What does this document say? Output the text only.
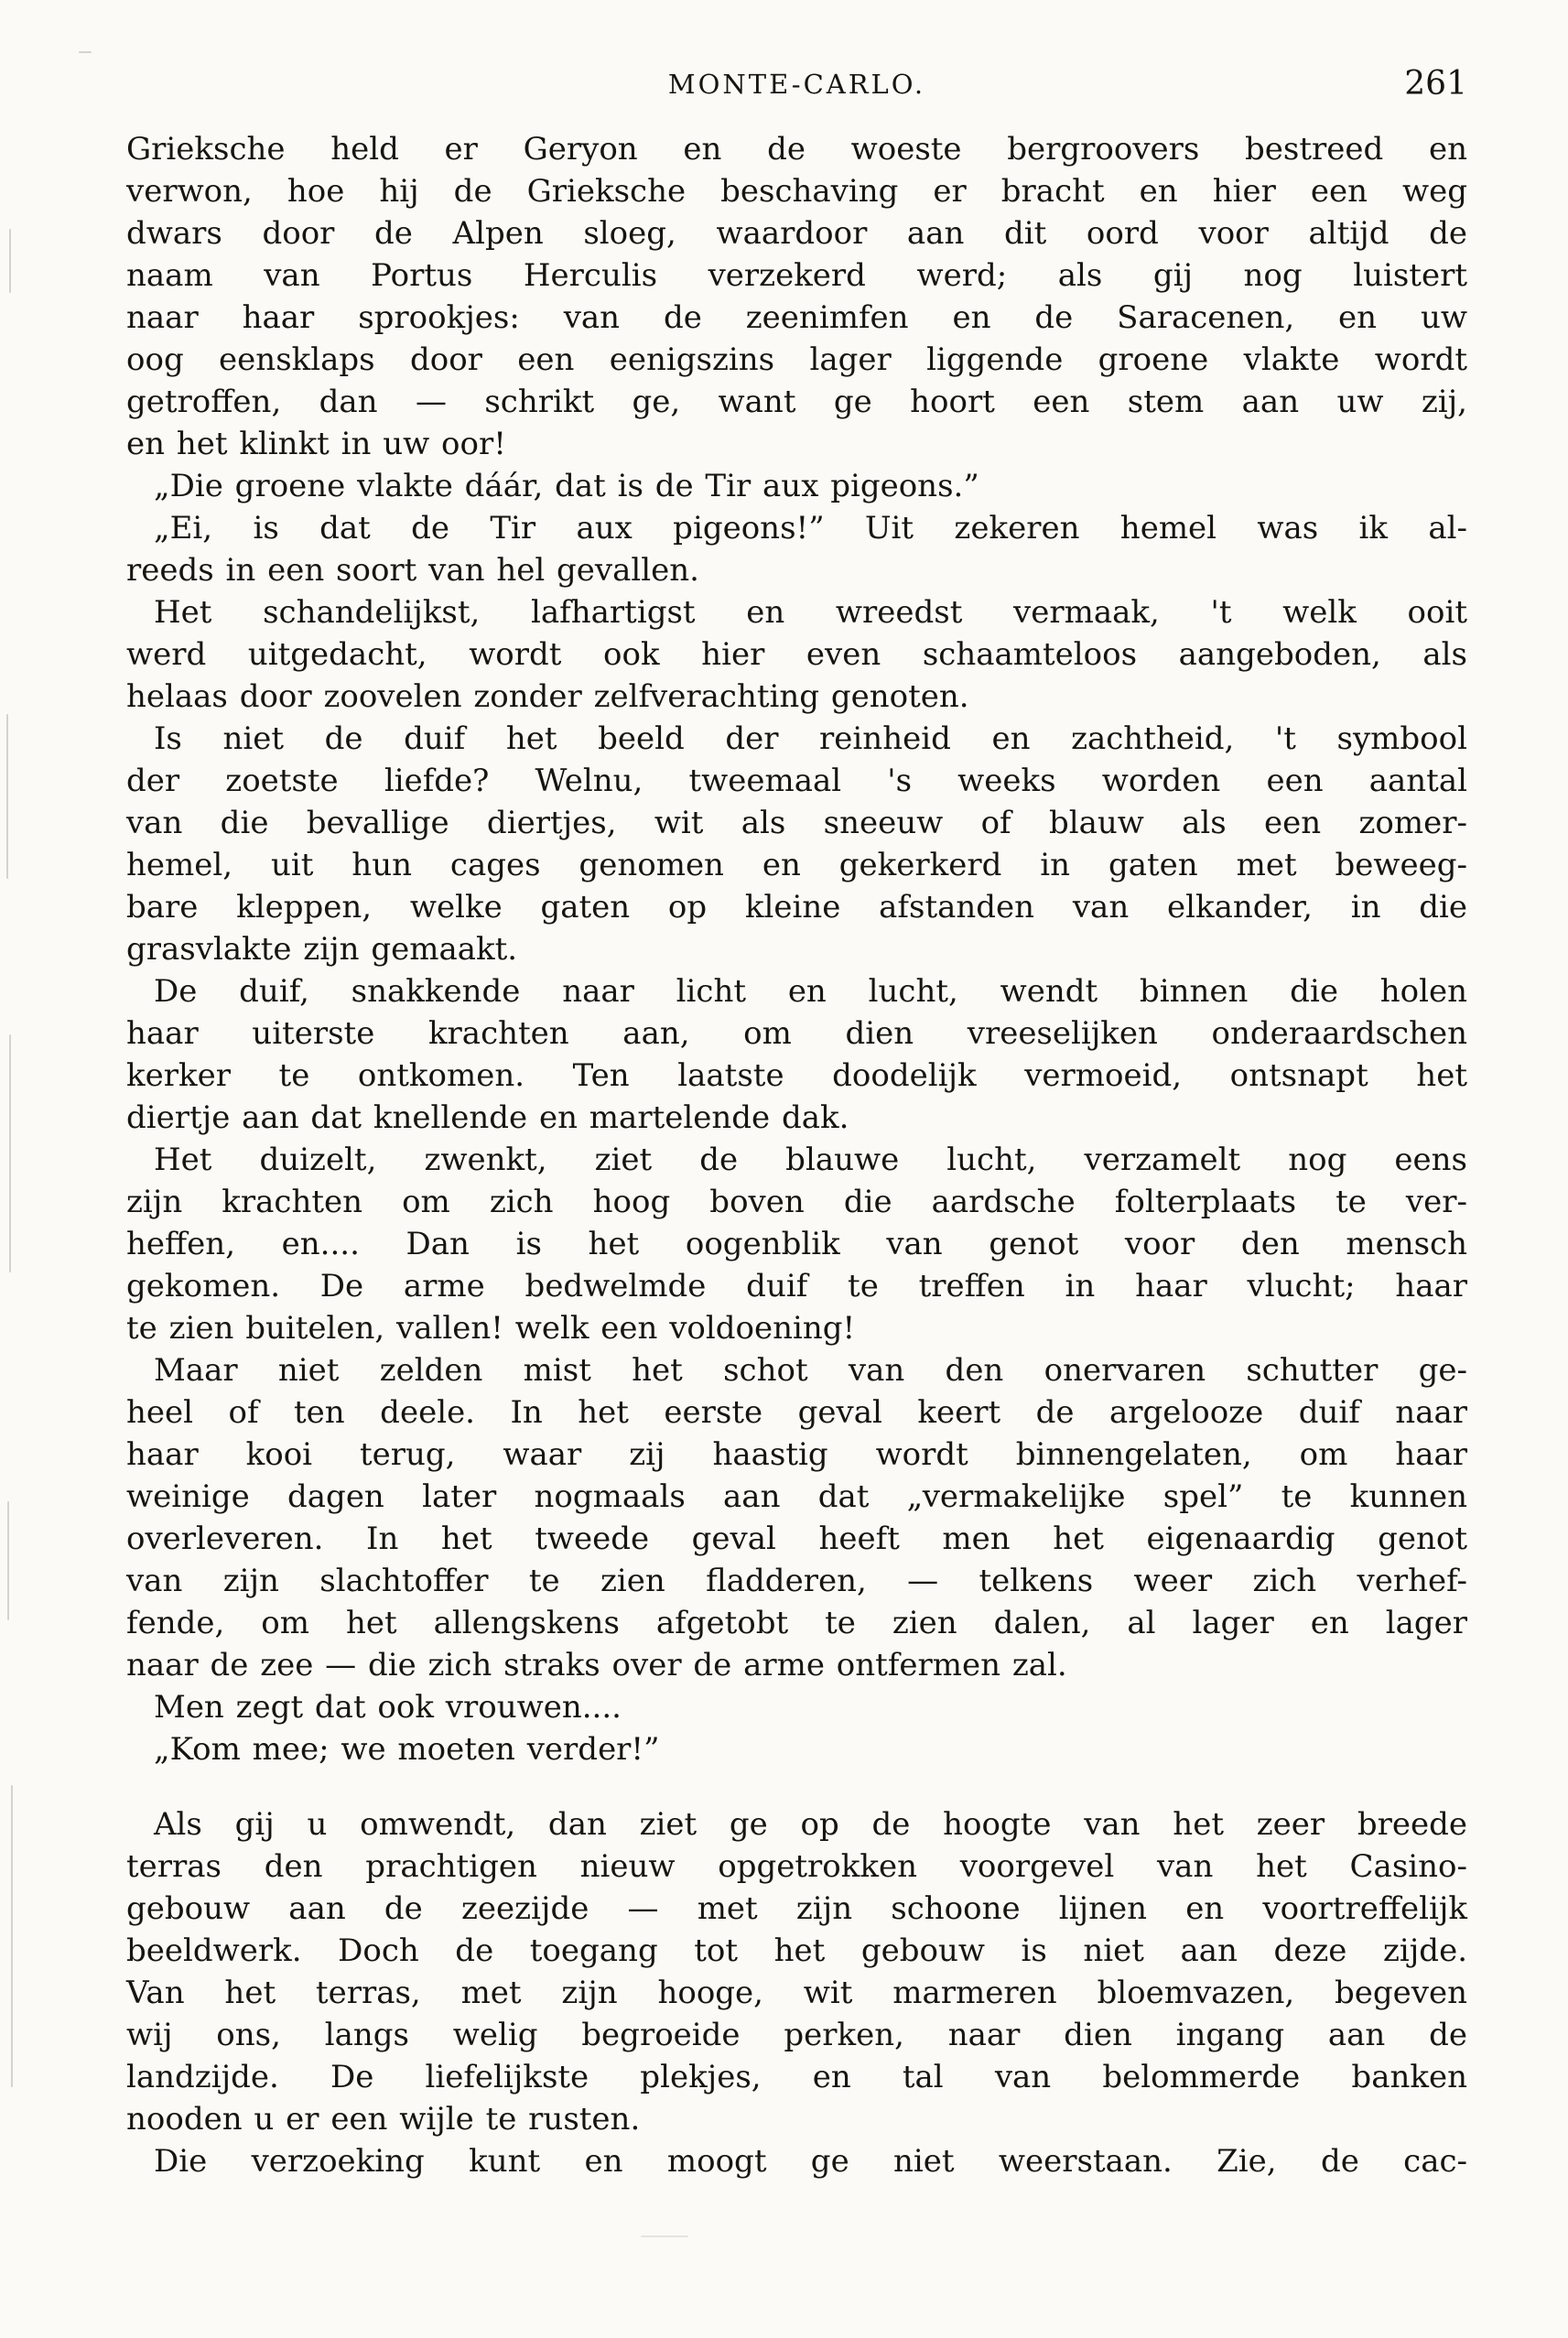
MONTE-CARLO.	261
Grieksche held er Geryon en de woeste bergroovers bestreed en
verwon, hoe hij de Grieksche beschaving er bracht en hier een weg
dwars door de Alpen sloeg, waardoor aan dit oord voor altijd de
naam van Portus Herculis verzekerd werd; als gij nog luistert
naar haar sprookjes: van de zeenimfen en de Saracenen, en uw
oog eensklaps door een eenigszins lager liggende groene vlakte wordt
getroffen, dan — schrikt ge, want ge hoort een stem aan uw zij,
en het klinkt in uw oor!
„Die groene vlakte dáár, dat is de Tir aux pigeons.”
„Ei, is dat de Tir aux pigeons!” Uit zekeren hemel was ik al-
reeds in een soort van hel gevallen.
Het schandelijkst, lafhartigst en wreedst vermaak, 't welk ooit
werd uitgedacht, wordt ook hier even schaamteloos aangeboden, als
helaas door zoovelen zonder zelfverachting genoten.
Is niet de duif het beeld der reinheid en zachtheid, 't symbool
der zoetste liefde? Welnu, tweemaal 's weeks worden een aantal
van die bevallige diertjes, wit als sneeuw of blauw als een zomer-
hemel, uit hun cages genomen en gekerkerd in gaten met beweeg-
bare kleppen, welke gaten op kleine afstanden van elkander, in die
grasvlakte zijn gemaakt.
De duif, snakkende naar licht en lucht, wendt binnen die holen
haar uiterste krachten aan, om dien vreeselijken onderaardschen
kerker te ontkomen. Ten laatste doodelijk vermoeid, ontsnapt het
diertje aan dat knellende en martelende dak.
Het duizelt, zwenkt, ziet de blauwe lucht, verzamelt nog eens
zijn krachten om zich hoog boven die aardsche folterplaats te ver-
heffen, en.... Dan is het oogenblik van genot voor den mensch
gekomen. De arme bedwelmde duif te treffen in haar vlucht; haar
te zien buitelen, vallen! welk een voldoening!
Maar niet zelden mist het schot van den onervaren schutter ge-
heel of ten deele. In het eerste geval keert de argelooze duif naar
haar kooi terug, waar zij haastig wordt binnengelaten, om haar
weinige dagen later nogmaals aan dat „vermakelijke spel” te kunnen
overleveren. In het tweede geval heeft men het eigenaardig genot
van zijn slachtoffer te zien fladderen, — telkens weer zich verhef-
fende, om het allengskens afgetobt te zien dalen, al lager en lager
naar de zee — die zich straks over de arme ontfermen zal.
Men zegt dat ook vrouwen....
„Kom mee; we moeten verder!”
Als gij u omwendt, dan ziet ge op de hoogte van het zeer breede
terras den prachtigen nieuw opgetrokken voorgevel van het Casino-
gebouw aan de zeezijde — met zijn schoone lijnen en voortreffelijk
beeldwerk. Doch de toegang tot het gebouw is niet aan deze zijde.
Van het terras, met zijn hooge, wit marmeren bloemvazen, begeven
wij ons, langs welig begroeide perken, naar dien ingang aan de
landzijde. De liefelijkste plekjes, en tal van belommerde banken
nooden u er een wijle te rusten.
Die verzoeking kunt en moogt ge niet weerstaan. Zie, de cac-
